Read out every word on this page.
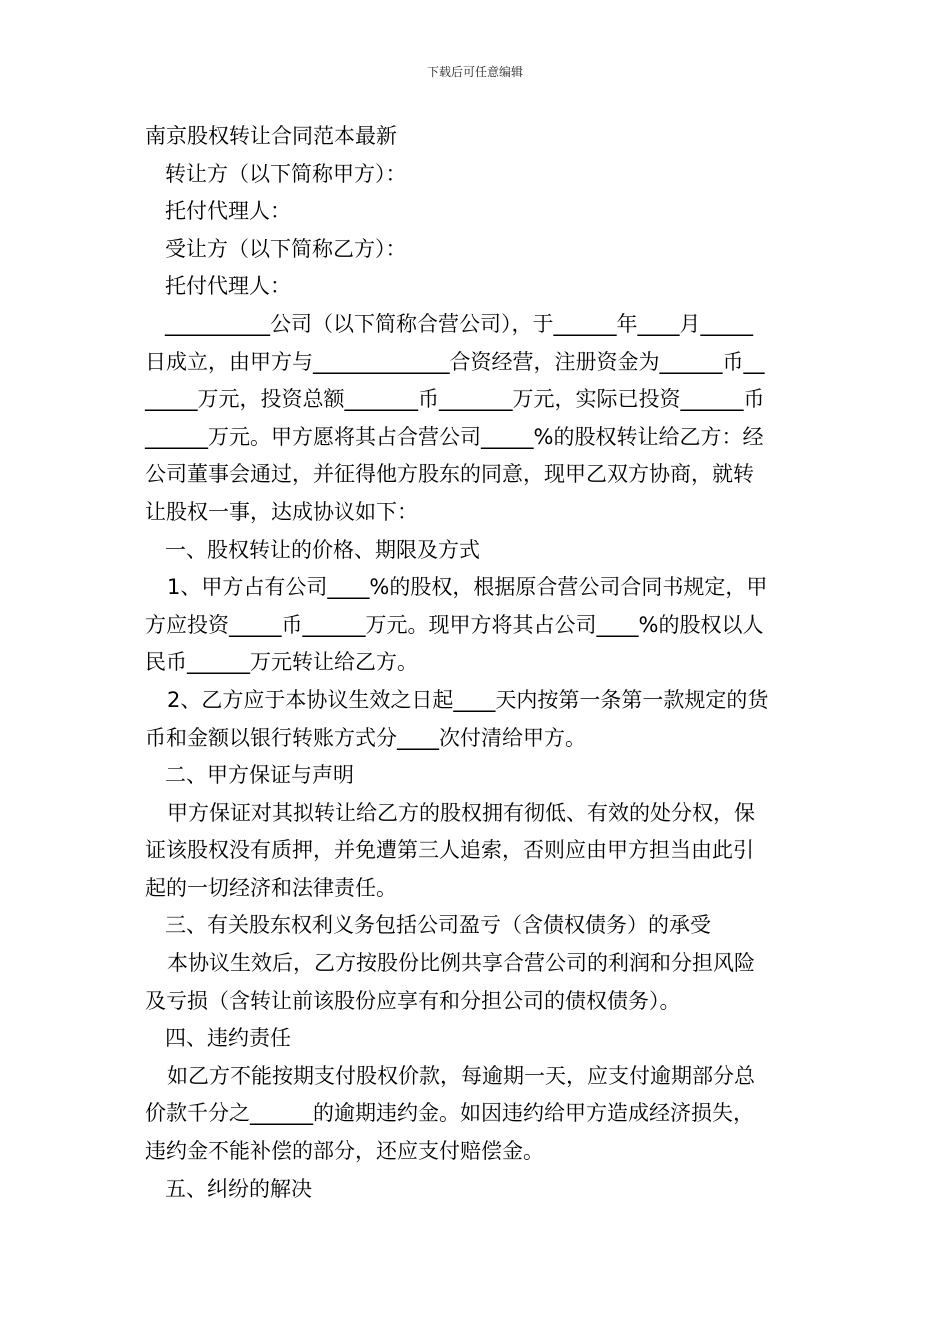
下载后可任意编辑

南京股权转让合同范本最新

转让方（以下简称甲方）：

托付代理人：

受让方（以下简称乙方）：

托付代理人：

__________公司（以下简称合营公司），于______年____月_____

日成立，由甲方与_____________合资经营，注册资金为______币__

_____万元，投资总额_______币_______万元，实际已投资______币

______万元。甲方愿将其占合营公司_____%的股权转让给乙方：经

公司董事会通过，并征得他方股东的同意，现甲乙双方协商，就转

让股权一事，达成协议如下：

一、股权转让的价格、期限及方式

1、甲方占有公司____%的股权，根据原合营公司合同书规定，甲

方应投资_____币______万元。现甲方将其占公司____%的股权以人

民币______万元转让给乙方。

2、乙方应于本协议生效之日起____天内按第一条第一款规定的货

币和金额以银行转账方式分____次付清给甲方。

二、甲方保证与声明

甲方保证对其拟转让给乙方的股权拥有彻低、有效的处分权，保

证该股权没有质押，并免遭第三人追索，否则应由甲方担当由此引

起的一切经济和法律责任。

三、有关股东权利义务包括公司盈亏（含债权债务）的承受

本协议生效后，乙方按股份比例共享合营公司的利润和分担风险

及亏损（含转让前该股份应享有和分担公司的债权债务）。

四、违约责任

如乙方不能按期支付股权价款，每逾期一天，应支付逾期部分总

价款千分之______的逾期违约金。如因违约给甲方造成经济损失，

违约金不能补偿的部分，还应支付赔偿金。

五、纠纷的解决
